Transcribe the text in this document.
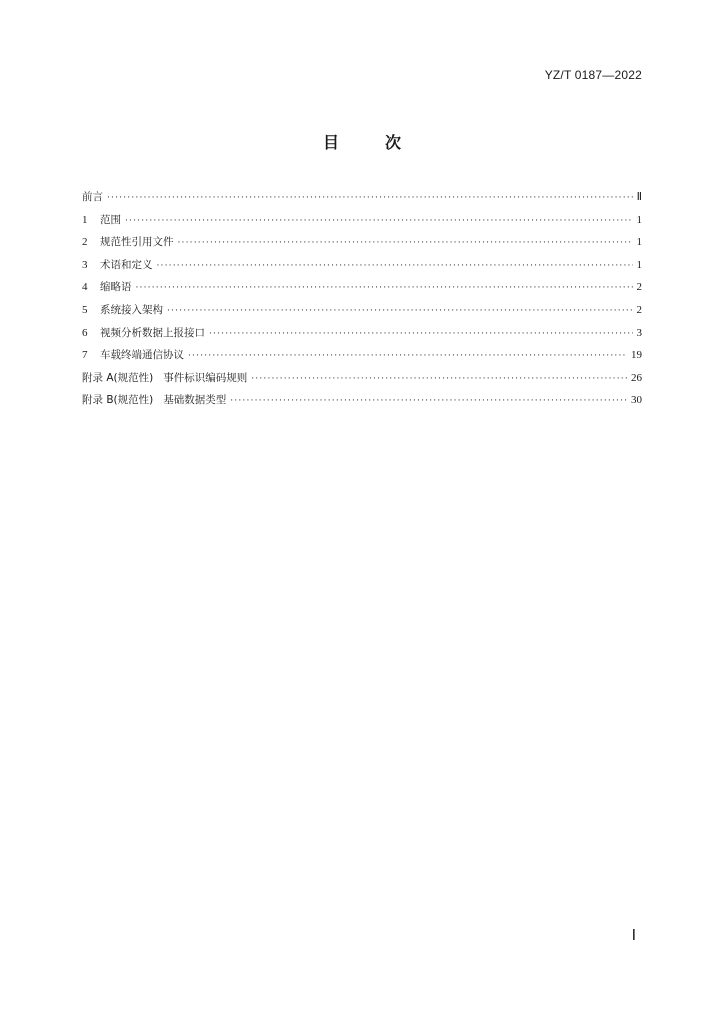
YZ/T 0187—2022
目	次
前言 ·····	Ⅱ
1	范围 ·····	1
2	规范性引用文件 ·····	1
3	术语和定义 ·····	1
4	缩略语 ·····	2
5	系统接入架构 ·····	2
6	视频分析数据上报接口 ·····	3
7	车载终端通信协议 ·····	19
附录 A(规范性) 事件标识编码规则 ·····	26
附录 B(规范性) 基础数据类型 ·····	30
Ⅰ
